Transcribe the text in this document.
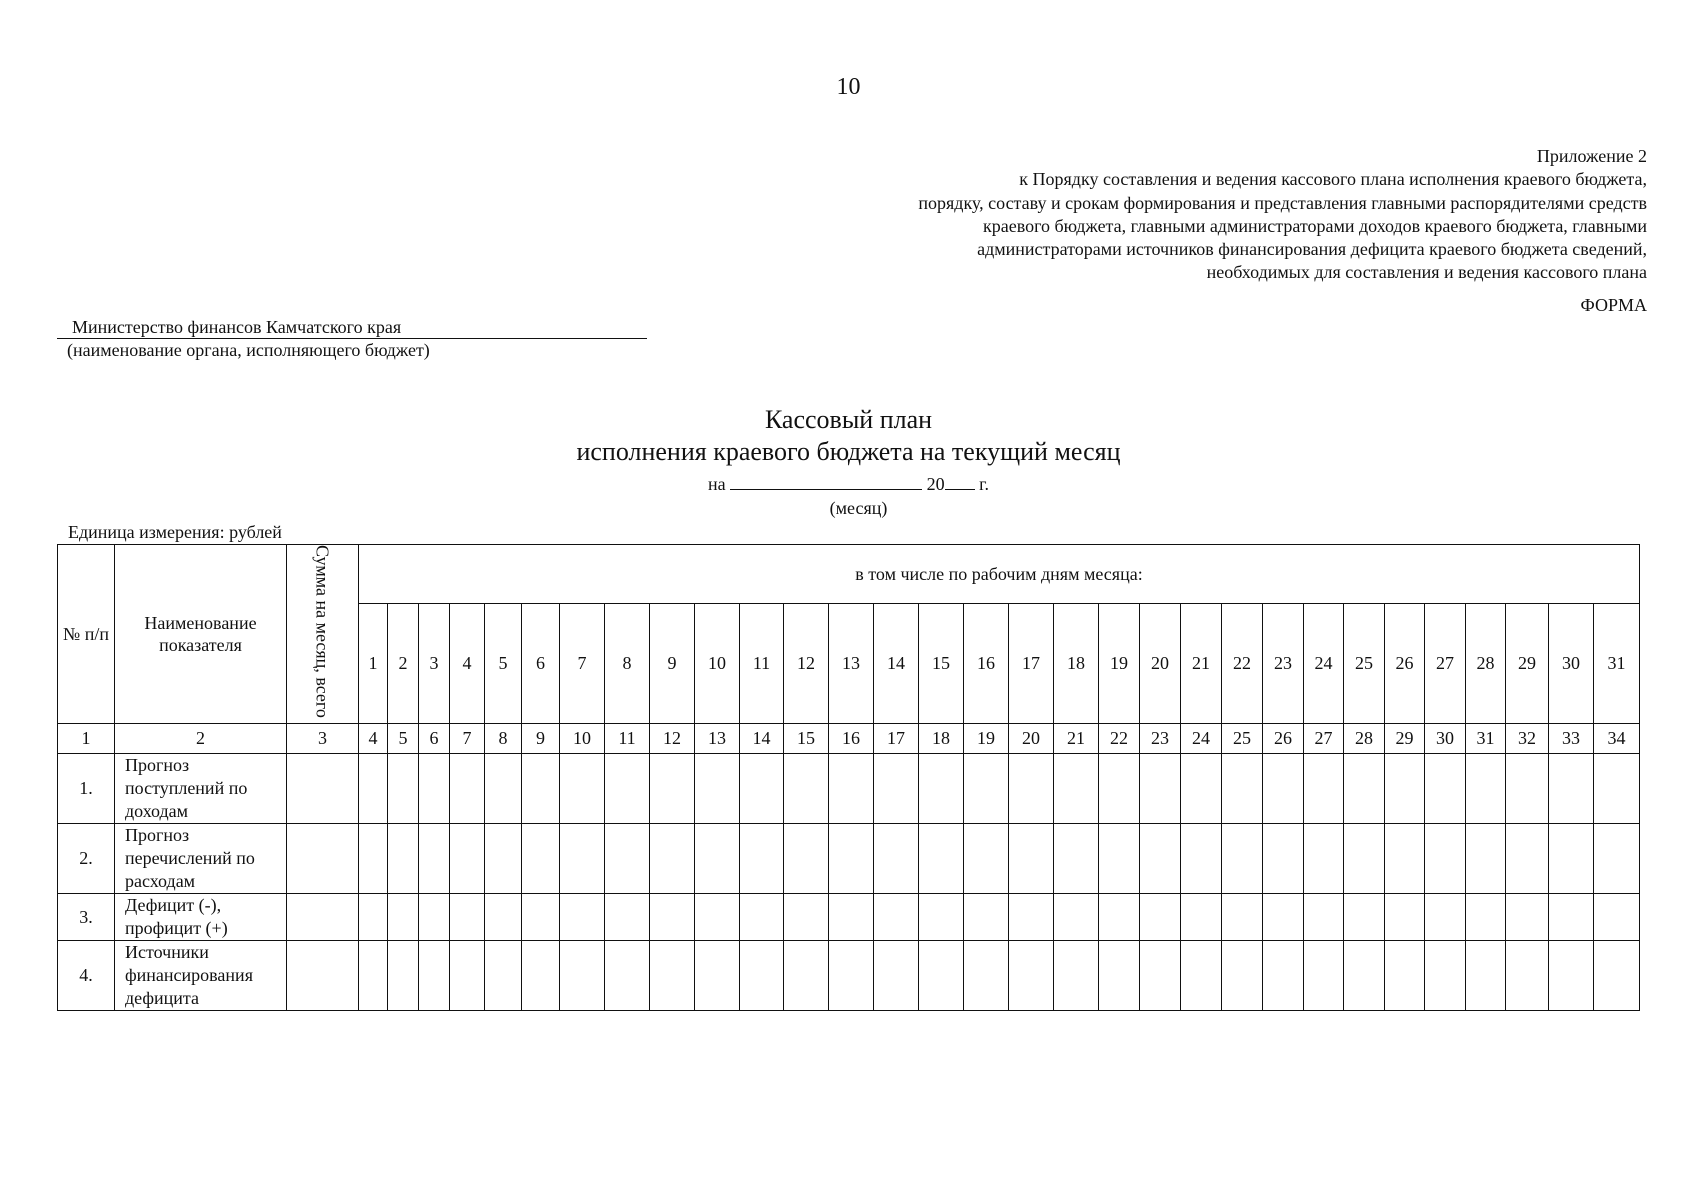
10
Приложение 2
к Порядку составления и ведения кассового плана исполнения краевого бюджета,
порядку, составу и срокам формирования и представления главными распорядителями средств
краевого бюджета, главными администраторами доходов краевого бюджета, главными
администраторами источников финансирования дефицита краевого бюджета сведений,
необходимых для составления и ведения кассового плана
ФОРМА
Министерство финансов Камчатского края
(наименование органа, исполняющего бюджет)
Кассовый план
исполнения краевого бюджета на текущий месяц
на	20 г.
(месяц)
Единица измерения: рублей
№ п/п	Наименование показателя	Сумма на месяц, всего	в том числе по рабочим дням месяца:																														
			1	2	3	4	5	6	7	8	9	10	11	12	13	14	15	16	17	18	19	20	21	22	23	24	25	26	27	28	29	30	31
1	2	3	4	5	6	7	8	9	10	11	12	13	14	15	16	17	18	19	20	21	22	23	24	25	26	27	28	29	30	31	32	33	34
1.	Прогноз поступлений по доходам																																
2.	Прогноз перечислений по расходам																																
3.	Дефицит (-), профицит (+)																																
4.	Источники финансирования дефицита																																
